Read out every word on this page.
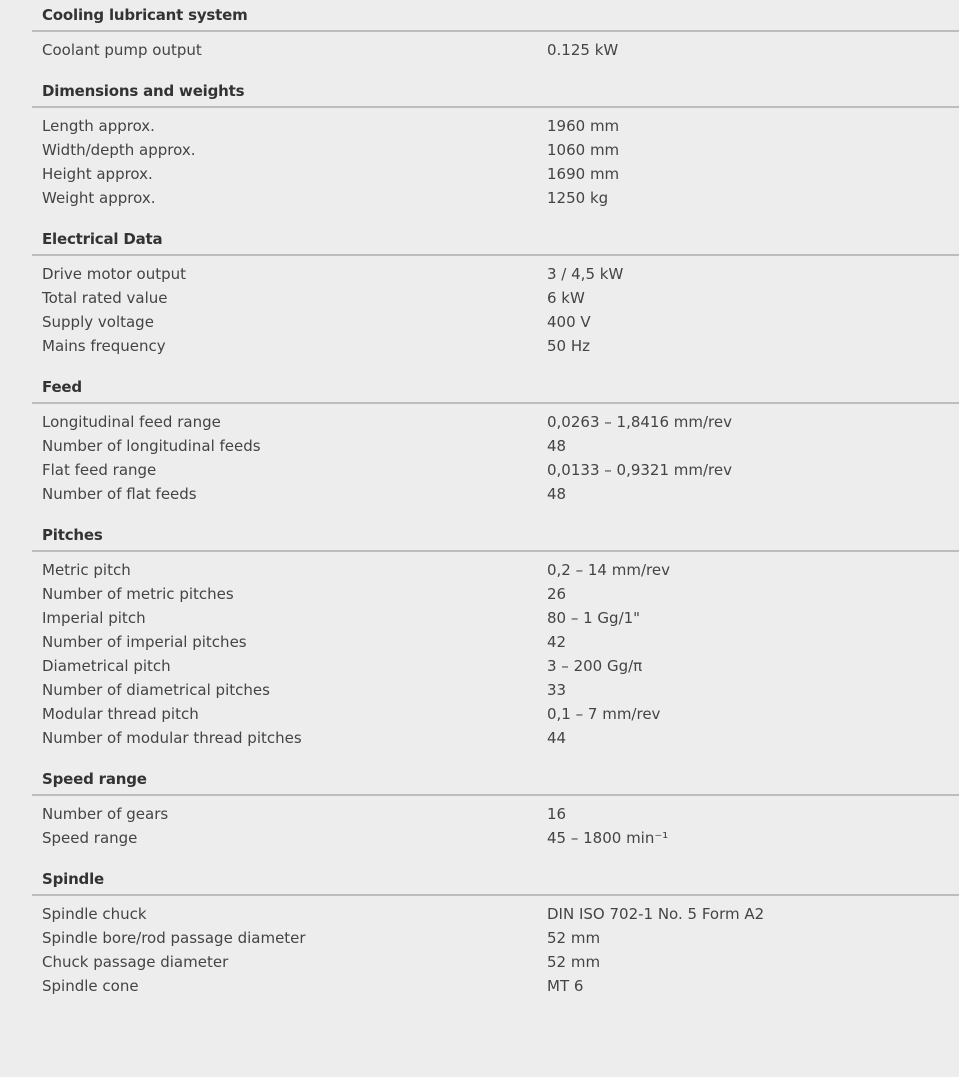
Cooling lubricant system
Coolant pump output	0.125 kW
Dimensions and weights
Length approx.	1960 mm
Width/depth approx.	1060 mm
Height approx.	1690 mm
Weight approx.	1250 kg
Electrical Data
Drive motor output	3 / 4,5 kW
Total rated value	6 kW
Supply voltage	400 V
Mains frequency	50 Hz
Feed
Longitudinal feed range	0,0263 – 1,8416 mm/rev
Number of longitudinal feeds	48
Flat feed range	0,0133 – 0,9321 mm/rev
Number of flat feeds	48
Pitches
Metric pitch	0,2 – 14 mm/rev
Number of metric pitches	26
Imperial pitch	80 – 1 Gg/1"
Number of imperial pitches	42
Diametrical pitch	3 – 200 Gg/π
Number of diametrical pitches	33
Modular thread pitch	0,1 – 7 mm/rev
Number of modular thread pitches	44
Speed range
Number of gears	16
Speed range	45 – 1800 min⁻¹
Spindle
Spindle chuck	DIN ISO 702-1 No. 5 Form A2
Spindle bore/rod passage diameter	52 mm
Chuck passage diameter	52 mm
Spindle cone	MT 6
